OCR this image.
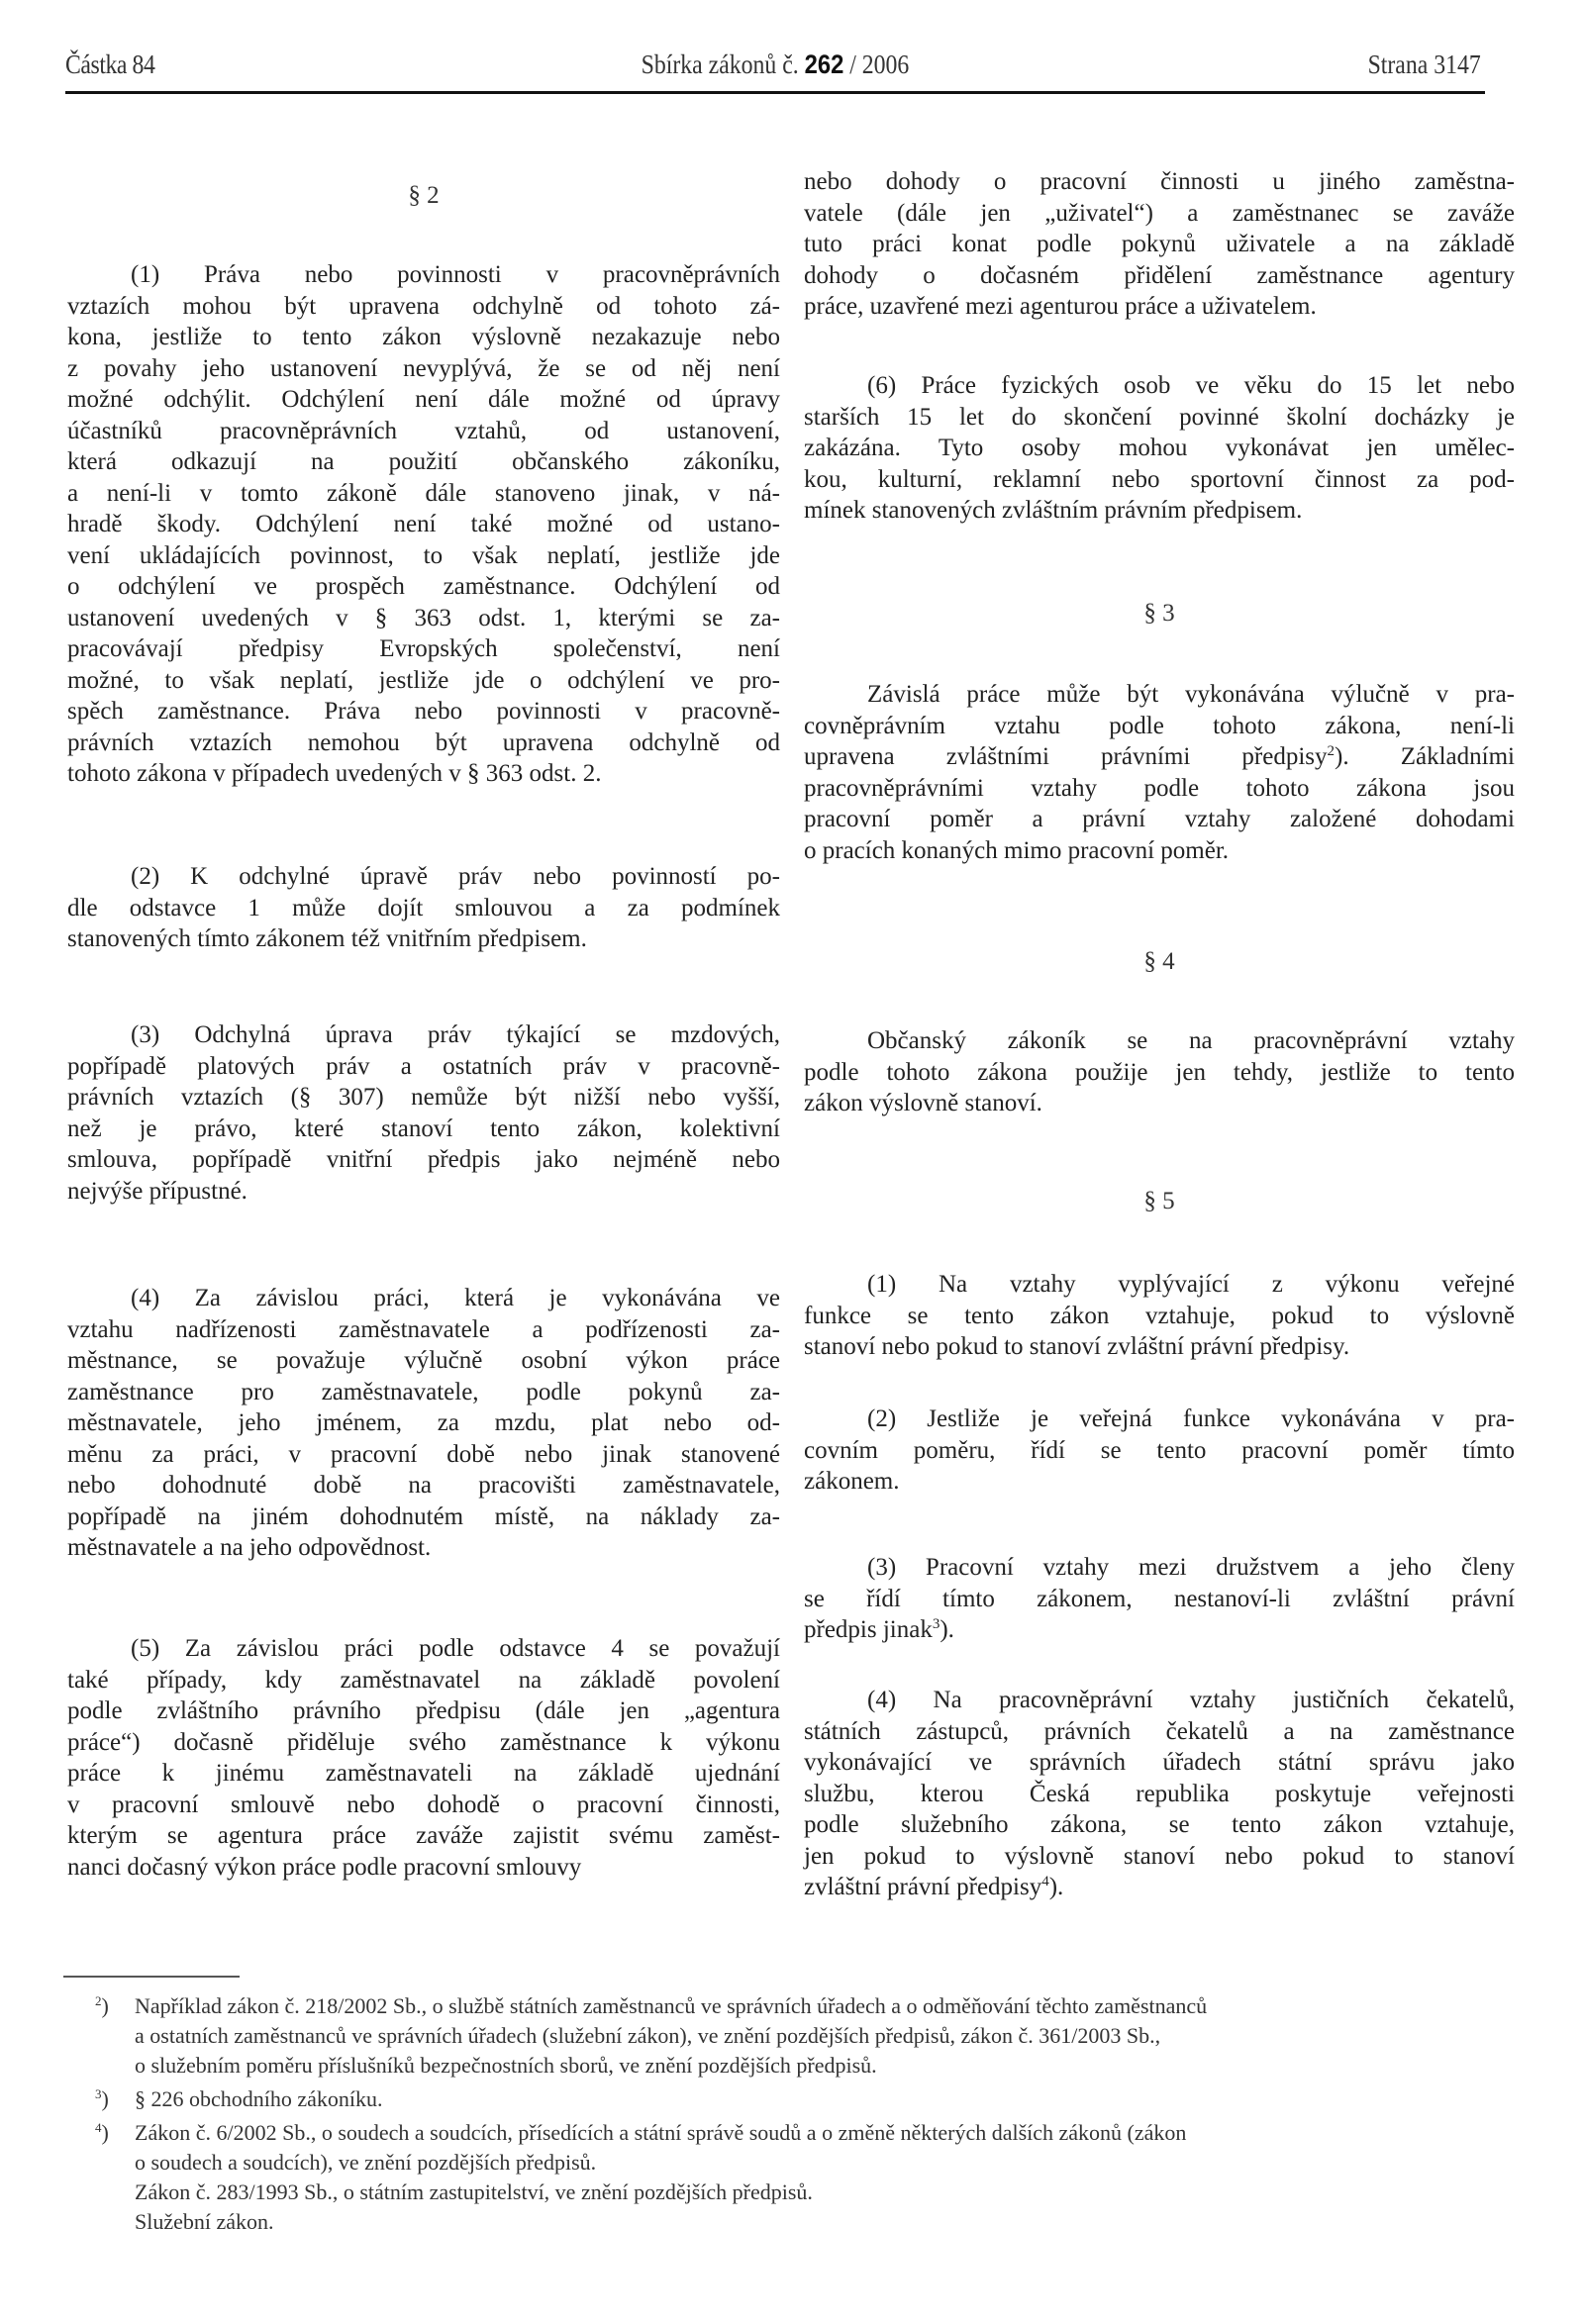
Částka 84	Sbírka zákonů č. 262 / 2006	Strana 3147
§ 2
(1) Práva nebo povinnosti v pracovněprávních
vztazích mohou být upravena odchylně od tohoto zá-
kona, jestliže to tento zákon výslovně nezakazuje nebo
z povahy jeho ustanovení nevyplývá, že se od něj není
možné odchýlit. Odchýlení není dále možné od úpravy
účastníků pracovněprávních vztahů, od ustanovení,
která odkazují na použití občanského zákoníku,
a není-li v tomto zákoně dále stanoveno jinak, v ná-
hradě škody. Odchýlení není také možné od ustano-
vení ukládajících povinnost, to však neplatí, jestliže jde
o odchýlení ve prospěch zaměstnance. Odchýlení od
ustanovení uvedených v § 363 odst. 1, kterými se za-
pracovávají předpisy Evropských společenství, není
možné, to však neplatí, jestliže jde o odchýlení ve pro-
spěch zaměstnance. Práva nebo povinnosti v pracovně-
právních vztazích nemohou být upravena odchylně od
tohoto zákona v případech uvedených v § 363 odst. 2.
(2) K odchylné úpravě práv nebo povinností po-
dle odstavce 1 může dojít smlouvou a za podmínek
stanovených tímto zákonem též vnitřním předpisem.
(3) Odchylná úprava práv týkající se mzdových,
popřípadě platových práv a ostatních práv v pracovně-
právních vztazích (§ 307) nemůže být nižší nebo vyšší,
než je právo, které stanoví tento zákon, kolektivní
smlouva, popřípadě vnitřní předpis jako nejméně nebo
nejvýše přípustné.
(4) Za závislou práci, která je vykonávána ve
vztahu nadřízenosti zaměstnavatele a podřízenosti za-
městnance, se považuje výlučně osobní výkon práce
zaměstnance pro zaměstnavatele, podle pokynů za-
městnavatele, jeho jménem, za mzdu, plat nebo od-
měnu za práci, v pracovní době nebo jinak stanovené
nebo dohodnuté době na pracovišti zaměstnavatele,
popřípadě na jiném dohodnutém místě, na náklady za-
městnavatele a na jeho odpovědnost.
(5) Za závislou práci podle odstavce 4 se považují
také případy, kdy zaměstnavatel na základě povolení
podle zvláštního právního předpisu (dále jen „agentura
práce“) dočasně přiděluje svého zaměstnance k výkonu
práce k jinému zaměstnavateli na základě ujednání
v pracovní smlouvě nebo dohodě o pracovní činnosti,
kterým se agentura práce zaváže zajistit svému zaměst-
nanci dočasný výkon práce podle pracovní smlouvy
nebo dohody o pracovní činnosti u jiného zaměstna-
vatele (dále jen „uživatel“) a zaměstnanec se zaváže
tuto práci konat podle pokynů uživatele a na základě
dohody o dočasném přidělení zaměstnance agentury
práce, uzavřené mezi agenturou práce a uživatelem.
(6) Práce fyzických osob ve věku do 15 let nebo
starších 15 let do skončení povinné školní docházky je
zakázána. Tyto osoby mohou vykonávat jen umělec-
kou, kulturní, reklamní nebo sportovní činnost za pod-
mínek stanovených zvláštním právním předpisem.
§ 3
Závislá práce může být vykonávána výlučně v pra-
covněprávním vztahu podle tohoto zákona, není-li
upravena zvláštními právními předpisy$^2$). Základními
pracovněprávními vztahy podle tohoto zákona jsou
pracovní poměr a právní vztahy založené dohodami
o pracích konaných mimo pracovní poměr.
§ 4
Občanský zákoník se na pracovněprávní vztahy
podle tohoto zákona použije jen tehdy, jestliže to tento
zákon výslovně stanoví.
§ 5
(1) Na vztahy vyplývající z výkonu veřejné
funkce se tento zákon vztahuje, pokud to výslovně
stanoví nebo pokud to stanoví zvláštní právní předpisy.
(2) Jestliže je veřejná funkce vykonávána v pra-
covním poměru, řídí se tento pracovní poměr tímto
zákonem.
(3) Pracovní vztahy mezi družstvem a jeho členy
se řídí tímto zákonem, nestanoví-li zvláštní právní
předpis jinak$^3$).
(4) Na pracovněprávní vztahy justičních čekatelů,
státních zástupců, právních čekatelů a na zaměstnance
vykonávající ve správních úřadech státní správu jako
službu, kterou Česká republika poskytuje veřejnosti
podle služebního zákona, se tento zákon vztahuje,
jen pokud to výslovně stanoví nebo pokud to stanoví
zvláštní právní předpisy$^4$).
$^2$) Například zákon č. 218/2002 Sb., o službě státních zaměstnanců ve správních úřadech a o odměňování těchto zaměstnanců
a ostatních zaměstnanců ve správních úřadech (služební zákon), ve znění pozdějších předpisů, zákon č. 361/2003 Sb.,
o služebním poměru příslušníků bezpečnostních sborů, ve znění pozdějších předpisů.
$^3$) § 226 obchodního zákoníku.
$^4$) Zákon č. 6/2002 Sb., o soudech a soudcích, přísedících a státní správě soudů a o změně některých dalších zákonů (zákon
o soudech a soudcích), ve znění pozdějších předpisů.
Zákon č. 283/1993 Sb., o státním zastupitelství, ve znění pozdějších předpisů.
Služební zákon.
